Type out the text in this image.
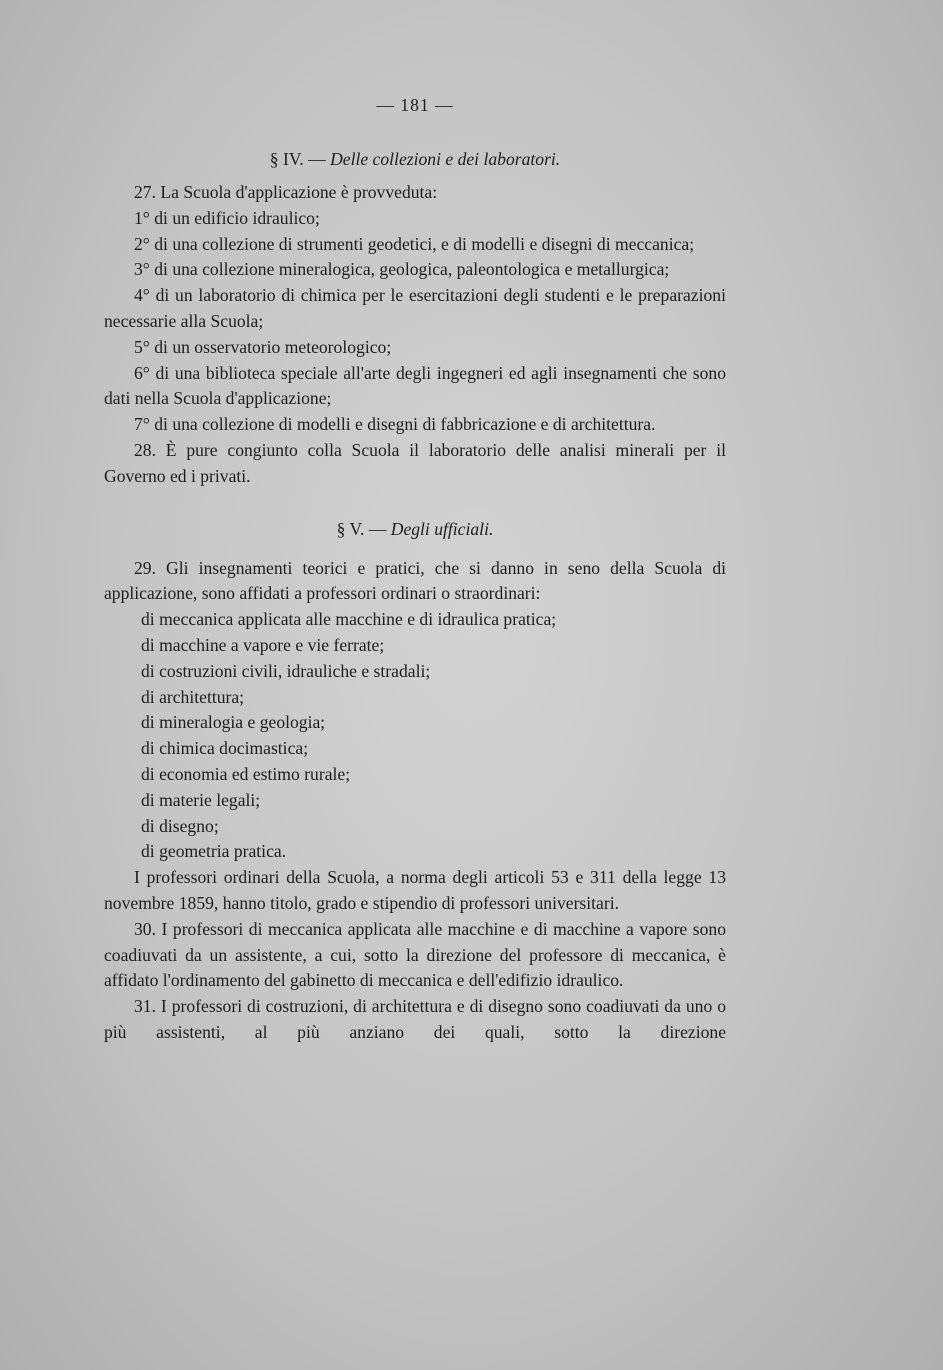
— 181 —
§ IV. — Delle collezioni e dei laboratori.

27. La Scuola d'applicazione è provveduta:

1° di un edificio idraulico;

2° di una collezione di strumenti geodetici, e di modelli e disegni di meccanica;

3° di una collezione mineralogica, geologica, paleontologica e metallurgica;

4° di un laboratorio di chimica per le esercitazioni degli studenti e le preparazioni necessarie alla Scuola;

5° di un osservatorio meteorologico;

6° di una biblioteca speciale all'arte degli ingegneri ed agli insegnamenti che sono dati nella Scuola d'applicazione;

7° di una collezione di modelli e disegni di fabbricazione e di architettura.

28. È pure congiunto colla Scuola il laboratorio delle analisi minerali per il Governo ed i privati.

§ V. — Degli ufficiali.

29. Gli insegnamenti teorici e pratici, che si danno in seno della Scuola di applicazione, sono affidati a professori ordinari o straordinari:

di meccanica applicata alle macchine e di idraulica pratica;

di macchine a vapore e vie ferrate;

di costruzioni civili, idrauliche e stradali;

di architettura;

di mineralogia e geologia;

di chimica docimastica;

di economia ed estimo rurale;

di materie legali;

di disegno;

di geometria pratica.

I professori ordinari della Scuola, a norma degli articoli 53 e 311 della legge 13 novembre 1859, hanno titolo, grado e stipendio di professori universitari.

30. I professori di meccanica applicata alle macchine e di macchine a vapore sono coadiuvati da un assistente, a cui, sotto la direzione del professore di meccanica, è affidato l'ordinamento del gabinetto di meccanica e dell'edifizio idraulico.

31. I professori di costruzioni, di architettura e di disegno sono coadiuvati da uno o più assistenti, al più anziano dei quali, sotto la direzione
